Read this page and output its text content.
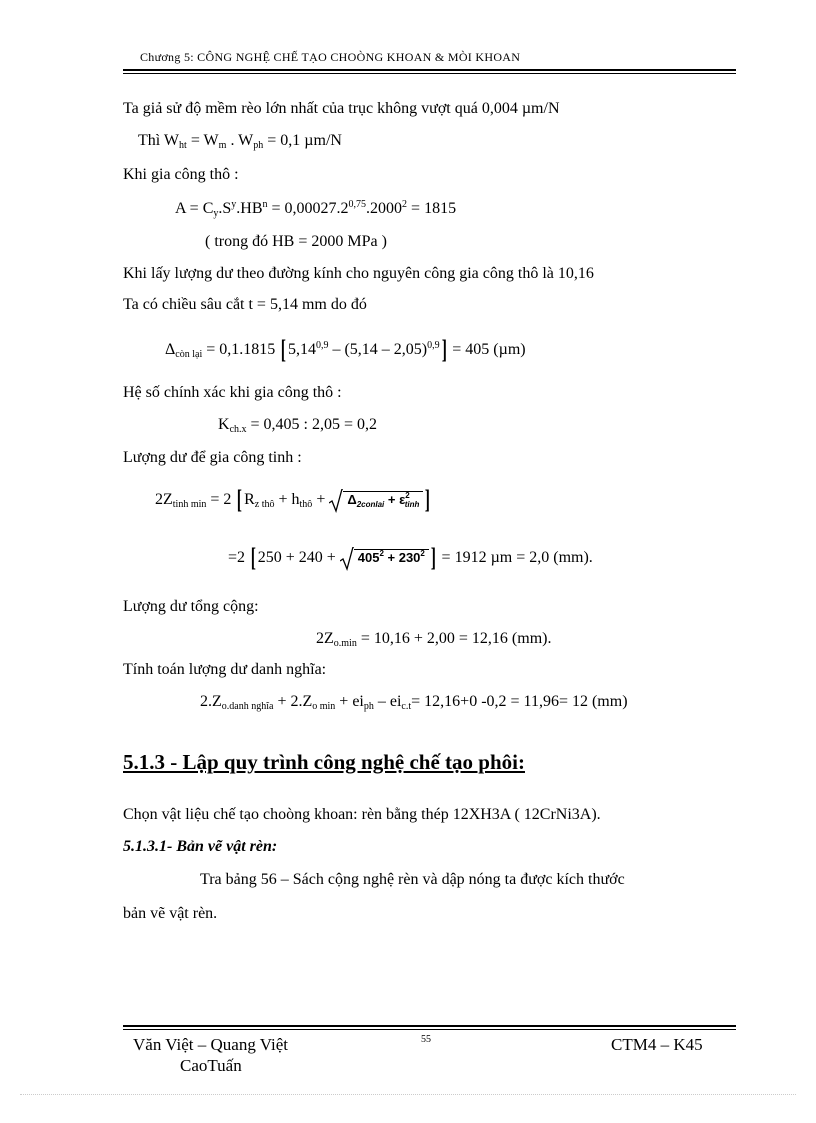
Chương 5: CÔNG NGHỆ CHẾ TẠO CHOÒNG KHOAN & MÒI KHOAN
Ta giả sử độ mềm rèo lớn nhất của trục không vượt quá 0,004 µm/N
Thì $W_{ht} = W_m$ . $W_{ph} = 0,1$ µm/N
Khi gia công thô :
$A = C_y.S^y.HB^n = 0,00027.2^{0,75}.2000^2 = 1815$
( trong đó HB = 2000 MPa )
Khi lấy lượng dư theo đường kính cho nguyên công gia công thô là 10,16
Ta có chiều sâu cắt t = 5,14 mm do đó
$\Delta_{còn lại} = 0,1.1815$ [ 5,14$^{0,9}$ – (5,14 – 2,05)$^{0,9}$] = 405 (µm)
Hệ số chính xác khi gia công thô :
$K_{ch.x} = 0,405$ : 2,05 = 0,2
Lượng dư để gia công tinh :
$2Z_{tinh min} = 2$ [ $R_{z thô} + h_{thô}$ +
$\Delta_{2conlai} + \varepsilon^2_{tinh}$ ]
=2 [ 250 + 240 +
$405^2 + 230^2$ ] = 1912 µm = 2,0 (mm).
Lượng dư tổng cộng:
$2Z_{o.min} = 10,16 + 2,00 = 12,16$ (mm).
Tính toán lượng dư danh nghĩa:
$2.Z_{o.danh nghĩa} + 2.Z_{o min} + ei_{ph} - ei_{c.t}= 12,16+0$ -0,2 = 11,96= 12 (mm)
5.1.3 - Lập quy trình công nghệ chế tạo phôi:
Chọn vật liệu chế tạo choòng khoan: rèn bằng thép 12XH3A ( 12CrNi3A).
5.1.3.1- Bản vẽ vật rèn:
Tra bảng 56 – Sách cộng nghệ rèn và dập nóng ta được kích thước
bản vẽ vật rèn.
Văn Việt – Quang Việt
CaoTuấn
55	CTM4 – K45
